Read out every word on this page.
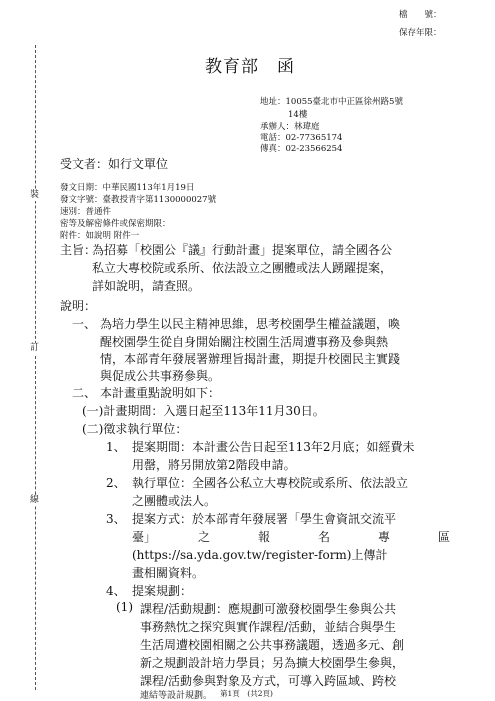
檔　　號：
保存年限：
教育部　函
地址：10055臺北市中正區徐州路5號
14樓
承辦人：林瑋庭
電話：02-77365174
傳真：02-23566254
受文者：如行文單位
發文日期：中華民國113年1月19日
發文字號：臺教授青字第1130000027號
速別：普通件
密等及解密條件或保密期限：
附件：如說明 附件一
裝
訂
線
主旨：
為招募「校園公『議』行動計畫」提案單位，請全國各公
私立大專校院或系所、依法設立之團體或法人踴躍提案，
詳如說明，請查照。
說明：
一、 為培力學生以民主精神思維，思考校園學生權益議題，喚
醒校園學生從自身開始關注校園生活周遭事務及參與熱
情，本部青年發展署辦理旨揭計畫，期提升校園民主實踐
與促成公共事務參與。
二、 本計畫重點說明如下：
(一)計畫期間：入選日起至113年11月30日。
(二)徵求執行單位：
1、 提案期間：本計畫公告日起至113年2月底；如經費未
用罄，將另開放第2階段申請。
2、 執行單位：全國各公私立大專校院或系所、依法設立
之團體或法人。
3、 提案方式：於本部青年發展署「學生會資訊交流平
臺」　　　　之　　　　報　　　　名　　　　專　　　　區
(https://sa.yda.gov.tw/register-form)上傳計
畫相關資料。
4、 提案規劃：
(1) 課程/活動規劃：應規劃可激發校園學生參與公共
事務熱忱之探究與實作課程/活動，並結合與學生
生活周遭校園相關之公共事務議題，透過多元、創
新之規劃設計培力學員；另為擴大校園學生參與，
課程/活動參與對象及方式，可導入跨區域、跨校
連結等設計規劃。 第1頁　(共2頁)
